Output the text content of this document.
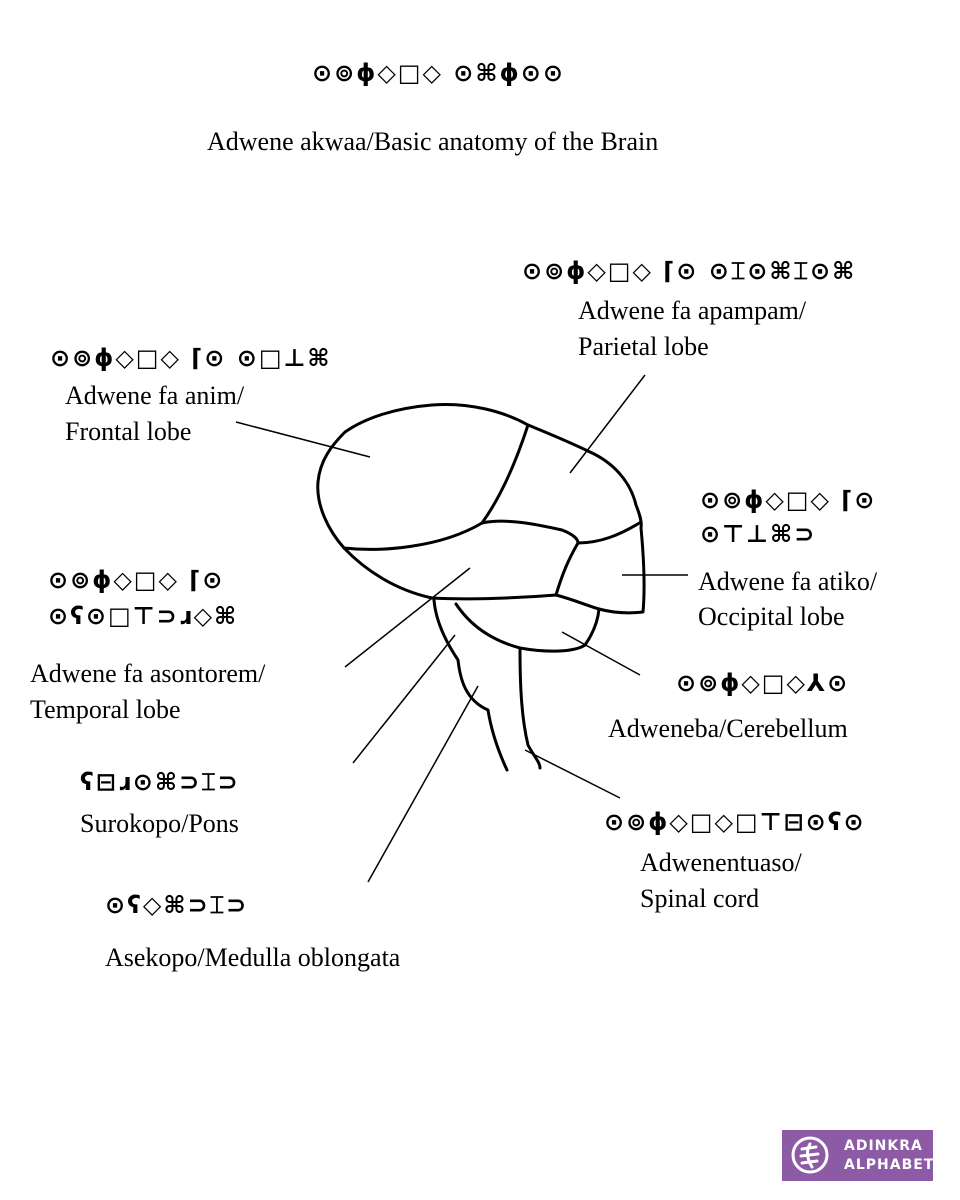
⊙⊚ɸ◇□◇ ⊙⌘ɸ⊙⊙
Adwene akwaa/Basic anatomy of the Brain
⊙⊚ɸ◇□◇ ⌈⊙ ⊙⌶⊙⌘⌶⊙⌘
Adwene fa apampam/
Parietal lobe
⊙⊚ɸ◇□◇ ⌈⊙ ⊙□⊥⌘
Adwene fa anim/
Frontal lobe
⊙⊚ɸ◇□◇ ⌈⊙
⊙⊤⊥⌘⊃
Adwene fa atiko/
Occipital lobe
⊙⊚ɸ◇□◇ ⌈⊙
⊙ʕ⊙□⊤⊃ɹ◇⌘
Adwene fa asontorem/
Temporal lobe
⊙⊚ɸ◇□◇⅄⊙
Adweneba/Cerebellum
ʕ⊟ɹ⊙⌘⊃⌶⊃
Surokopo/Pons	⊙⊚ɸ◇□◇□⊤⊟⊙ʕ⊙
Adwenentuaso/
Spinal cord
⊙ʕ◇⌘⊃⌶⊃
Asekopo/Medulla oblongata
ADINKRA
ALPHABET
